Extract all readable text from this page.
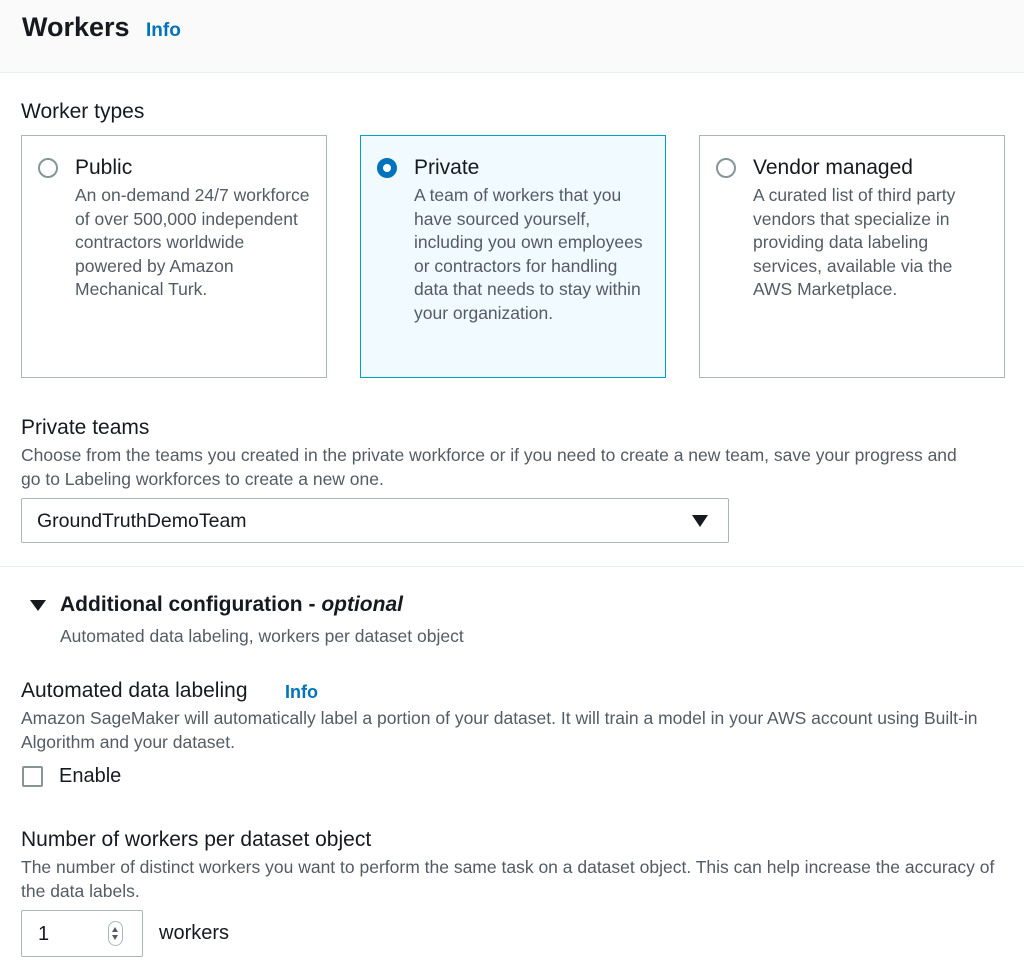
Workers Info
Worker types
Public
An on-demand 24/7 workforce of over 500,000 independent contractors worldwide powered by Amazon Mechanical Turk.
Private
A team of workers that you have sourced yourself, including you own employees or contractors for handling data that needs to stay within your organization.
Vendor managed
A curated list of third party vendors that specialize in providing data labeling services, available via the AWS Marketplace.
Private teams
Choose from the teams you created in the private workforce or if you need to create a new team, save your progress and go to Labeling workforces to create a new one.
GroundTruthDemoTeam
Additional configuration - optional
Automated data labeling, workers per dataset object
Automated data labeling Info
Amazon SageMaker will automatically label a portion of your dataset. It will train a model in your AWS account using Built-in Algorithm and your dataset.
Enable
Number of workers per dataset object
The number of distinct workers you want to perform the same task on a dataset object. This can help increase the accuracy of the data labels.
1	workers
